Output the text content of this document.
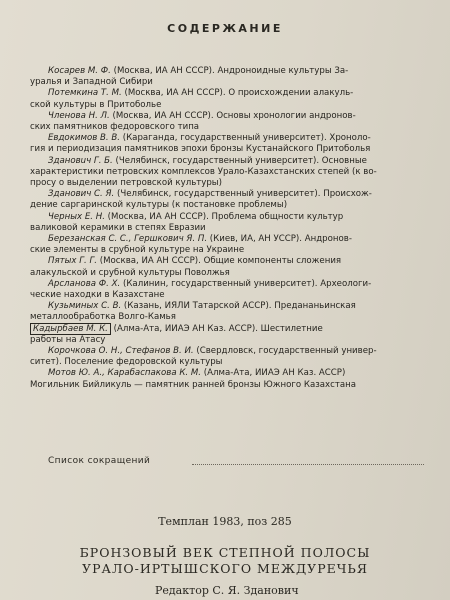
СОДЕРЖАНИЕ
Косарев М. Ф. (Москва, ИА АН СССР). Андроноидные культуры За-
уралья и Западной Сибири
Потемкина Т. М. (Москва, ИА АН СССР). О происхождении алакуль-
ской культуры в Притоболье
Членова Н. Л. (Москва, ИА АН СССР). Основы хронологии андронов-
ских памятников федоровского типа
Евдокимов В. В. (Караганда, государственный университет). Хроноло-
гия и периодизация памятников эпохи бронзы Кустанайского Притоболья
Здановuч Г. Б. (Челябинск, государственный университет). Основные
характеристики петровских комплексов Урало-Казахстанских степей (к во-
просу о выделении петровской культуры)
Зданович С. Я. (Челябинск, государственный университет). Происхож-
дение саргаринской культуры (к постановке проблемы)
Черных Е. Н. (Москва, ИА АН СССР). Проблема общности культур
валиковой керамики в степях Евразии
Березанская С. С., Гершкович Я. П. (Киев, ИА, АН УССР). Андронов-
ские элементы в срубной культуре на Украине
Пятых Г. Г. (Москва, ИА АН СССР). Общие компоненты сложения
алакульской и срубной культуры Поволжья
Арсланова Ф. Х. (Калинин, государственный университет). Археологи-
ческие находки в Казахстане
Кузьминых С. В. (Казань, ИЯЛИ Татарской АССР). Предананьинская
металлообработка Волго-Камья
Кадырбаев М. К. (Алма-Ата, ИИАЭ АН Каз. АССР). Шестилетние
работы на Атасу
Корочкова О. Н., Стефанов В. И. (Свердловск, государственный универ-
ситет). Поселение федоровской культуры
Мотов Ю. А., Карабаспакова К. М. (Алма-Ата, ИИАЭ АН Каз. АССР)
Могильник Бийликуль — памятник ранней бронзы Южного Казахстана
Список сокращений
Темплан 1983, поз 285
БРОНЗОВЫЙ ВЕК СТЕПНОЙ ПОЛОСЫ
УРАЛО-ИРТЫШСКОГО МЕЖДУРЕЧЬЯ
Редактор С. Я. Зданович
